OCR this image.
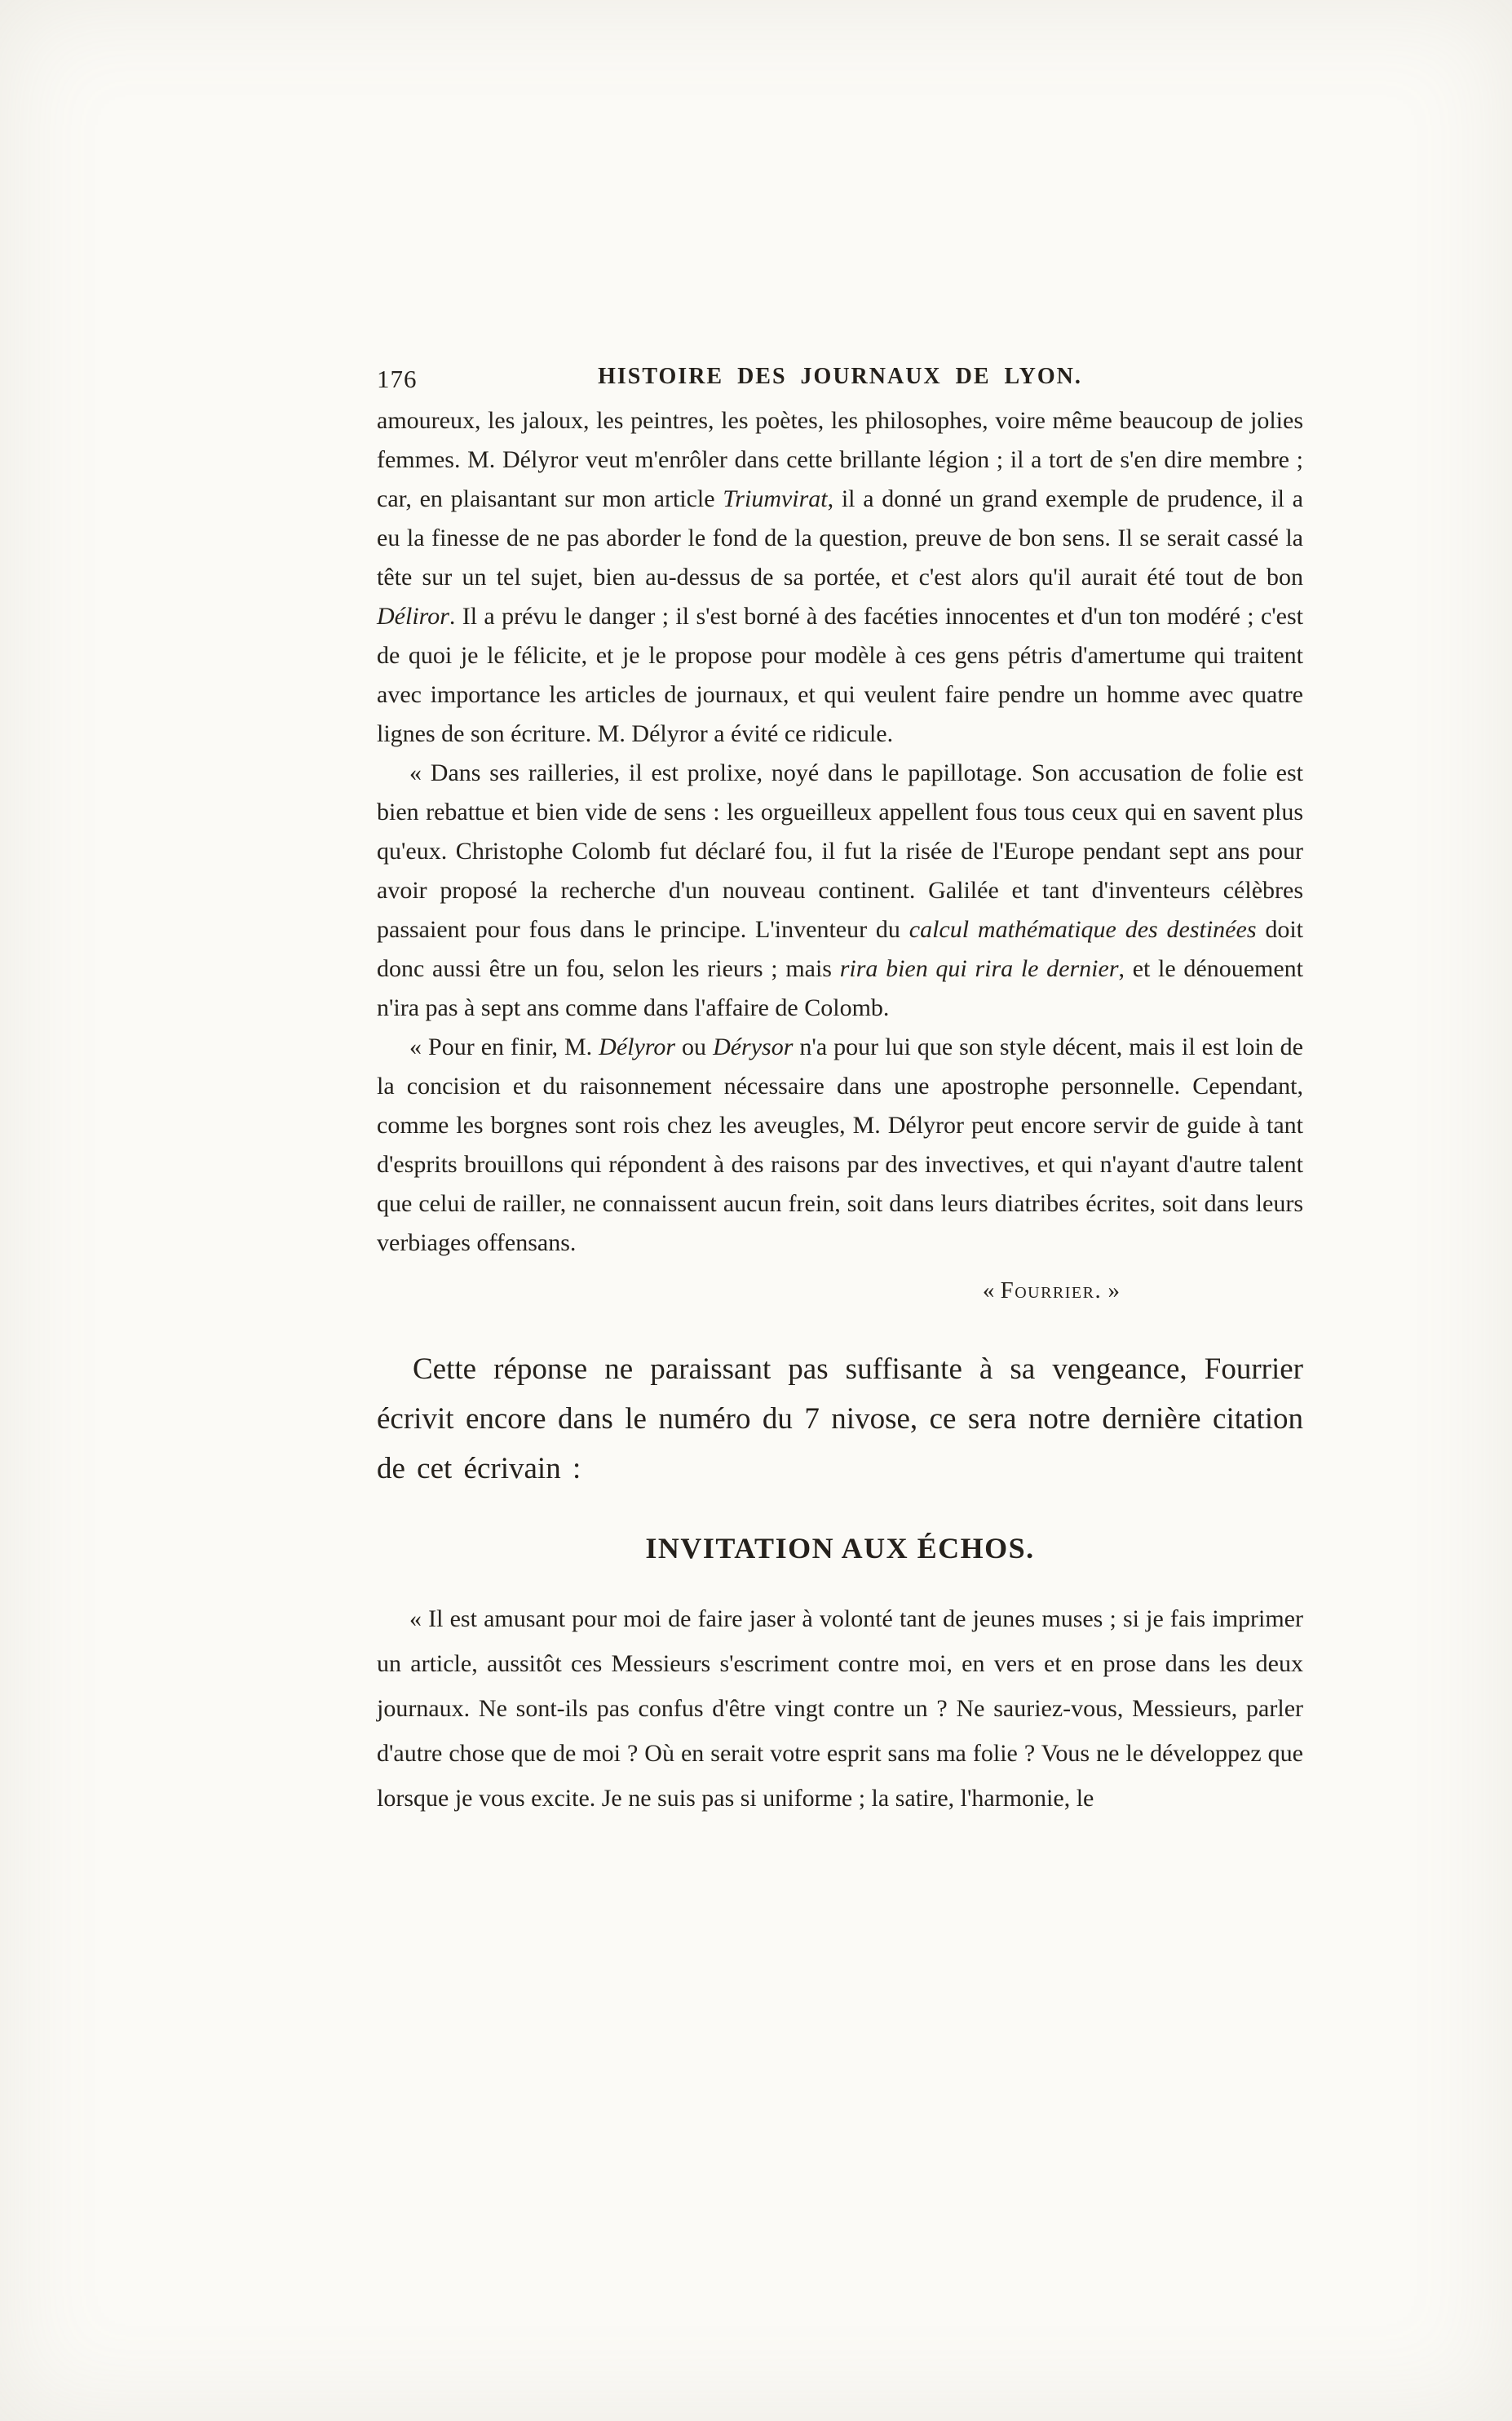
176	HISTOIRE DES JOURNAUX DE LYON.

amoureux, les jaloux, les peintres, les poètes, les philosophes, voire même beaucoup de jolies femmes. M. Délyror veut m'enrôler dans cette brillante légion ; il a tort de s'en dire membre ; car, en plaisantant sur mon article Triumvirat, il a donné un grand exemple de prudence, il a eu la finesse de ne pas aborder le fond de la question, preuve de bon sens. Il se serait cassé la tête sur un tel sujet, bien au-dessus de sa portée, et c'est alors qu'il aurait été tout de bon Déliror. Il a prévu le danger ; il s'est borné à des facéties innocentes et d'un ton modéré ; c'est de quoi je le félicite, et je le propose pour modèle à ces gens pétris d'amertume qui traitent avec importance les articles de journaux, et qui veulent faire pendre un homme avec quatre lignes de son écriture. M. Délyror a évité ce ridicule.

« Dans ses railleries, il est prolixe, noyé dans le papillotage. Son accusation de folie est bien rebattue et bien vide de sens : les orgueilleux appellent fous tous ceux qui en savent plus qu'eux. Christophe Colomb fut déclaré fou, il fut la risée de l'Europe pendant sept ans pour avoir proposé la recherche d'un nouveau continent. Galilée et tant d'inventeurs célèbres passaient pour fous dans le principe. L'inventeur du calcul mathématique des destinées doit donc aussi être un fou, selon les rieurs ; mais rira bien qui rira le dernier, et le dénouement n'ira pas à sept ans comme dans l'affaire de Colomb.

« Pour en finir, M. Délyror ou Dérysor n'a pour lui que son style décent, mais il est loin de la concision et du raisonnement nécessaire dans une apostrophe personnelle. Cependant, comme les borgnes sont rois chez les aveugles, M. Délyror peut encore servir de guide à tant d'esprits brouillons qui répondent à des raisons par des invectives, et qui n'ayant d'autre talent que celui de railler, ne connaissent aucun frein, soit dans leurs diatribes écrites, soit dans leurs verbiages offensans.

« Fourrier. »

Cette réponse ne paraissant pas suffisante à sa vengeance, Fourrier écrivit encore dans le numéro du 7 nivose, ce sera notre dernière citation de cet écrivain :

INVITATION AUX ÉCHOS.

« Il est amusant pour moi de faire jaser à volonté tant de jeunes muses ; si je fais imprimer un article, aussitôt ces Messieurs s'escriment contre moi, en vers et en prose dans les deux journaux. Ne sont-ils pas confus d'être vingt contre un ? Ne sauriez-vous, Messieurs, parler d'autre chose que de moi ? Où en serait votre esprit sans ma folie ? Vous ne le développez que lorsque je vous excite. Je ne suis pas si uniforme ; la satire, l'harmonie, le
